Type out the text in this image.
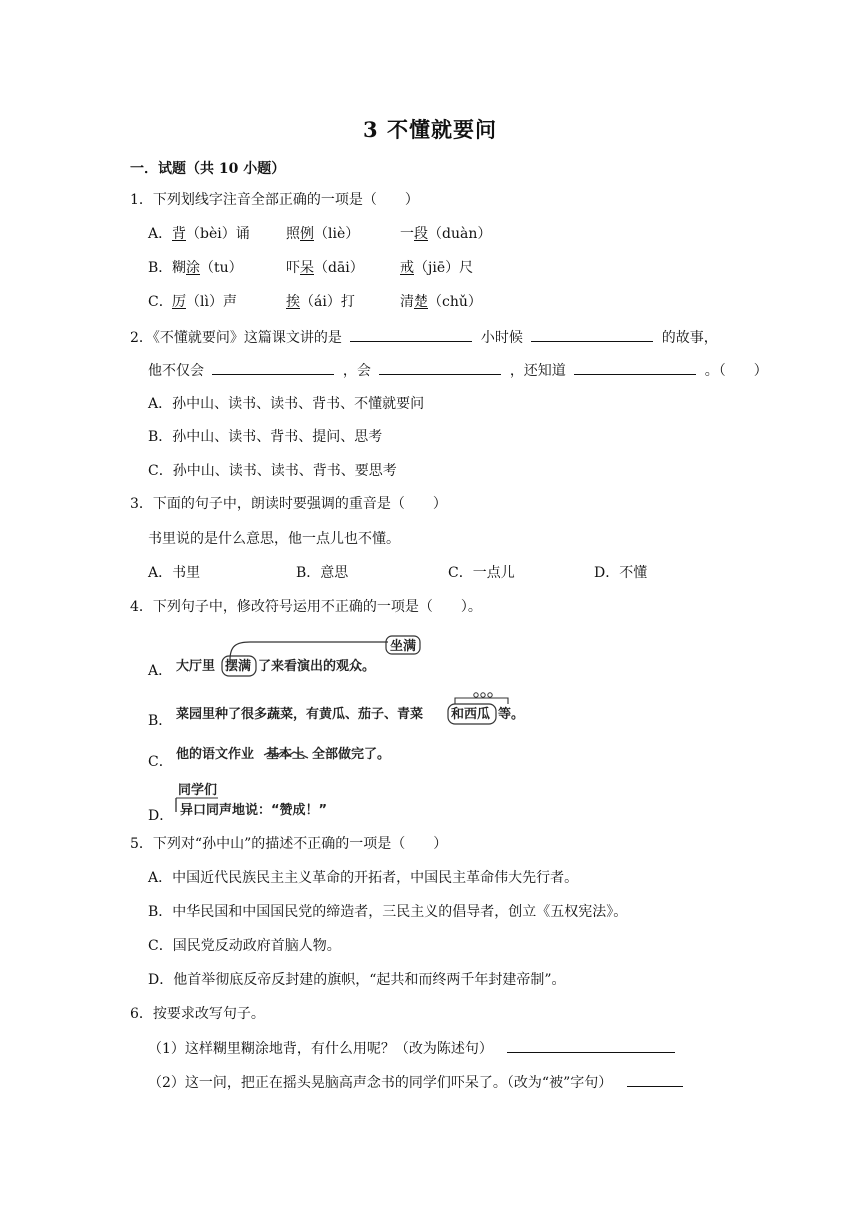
3 不懂就要问
一．试题（共 10 小题）
1．下列划线字注音全部正确的一项是（　　）
A． 背（bèi）诵	照例（liè）	一段（duàn）
B． 糊涂（tu）	吓呆（dāi）	戒（jiē）尺
C． 厉（lì）声	挨（ái）打	清楚（chǔ）
2．《不懂就要问》这篇课文讲的是	小时候	的故事，
他不仅会	，会	，还知道	。（　　）
A．孙中山、读书、读书、背书、不懂就要问
B．孙中山、读书、背书、提问、思考
C．孙中山、读书、读书、背书、要思考
3．下面的句子中，朗读时要强调的重音是（　　）
书里说的是什么意思，他一点儿也不懂。
A．书里	B．意思	C．一点儿	D．不懂
4．下列句子中，修改符号运用不正确的一项是（　　）。
A．
坐满
大厅里 摆满 了来看演出的观众。
B． 菜园里种了很多蔬菜，有黄瓜、茄子、青菜 和西瓜 等。
C． 他的语文作业 基本上 全部做完了。
D．
同学们
异口同声地说：“赞成！”
5．下列对“孙中山”的描述不正确的一项是（　　）
A．中国近代民族民主主义革命的开拓者，中国民主革命伟大先行者。
B．中华民国和中国国民党的缔造者，三民主义的倡导者，创立《五权宪法》。
C．国民党反动政府首脑人物。
D．他首举彻底反帝反封建的旗帜，“起共和而终两千年封建帝制”。
6．按要求改写句子。
（1）这样糊里糊涂地背，有什么用呢？（改为陈述句）
（2）这一问，把正在摇头晃脑高声念书的同学们吓呆了。（改为“被”字句）
